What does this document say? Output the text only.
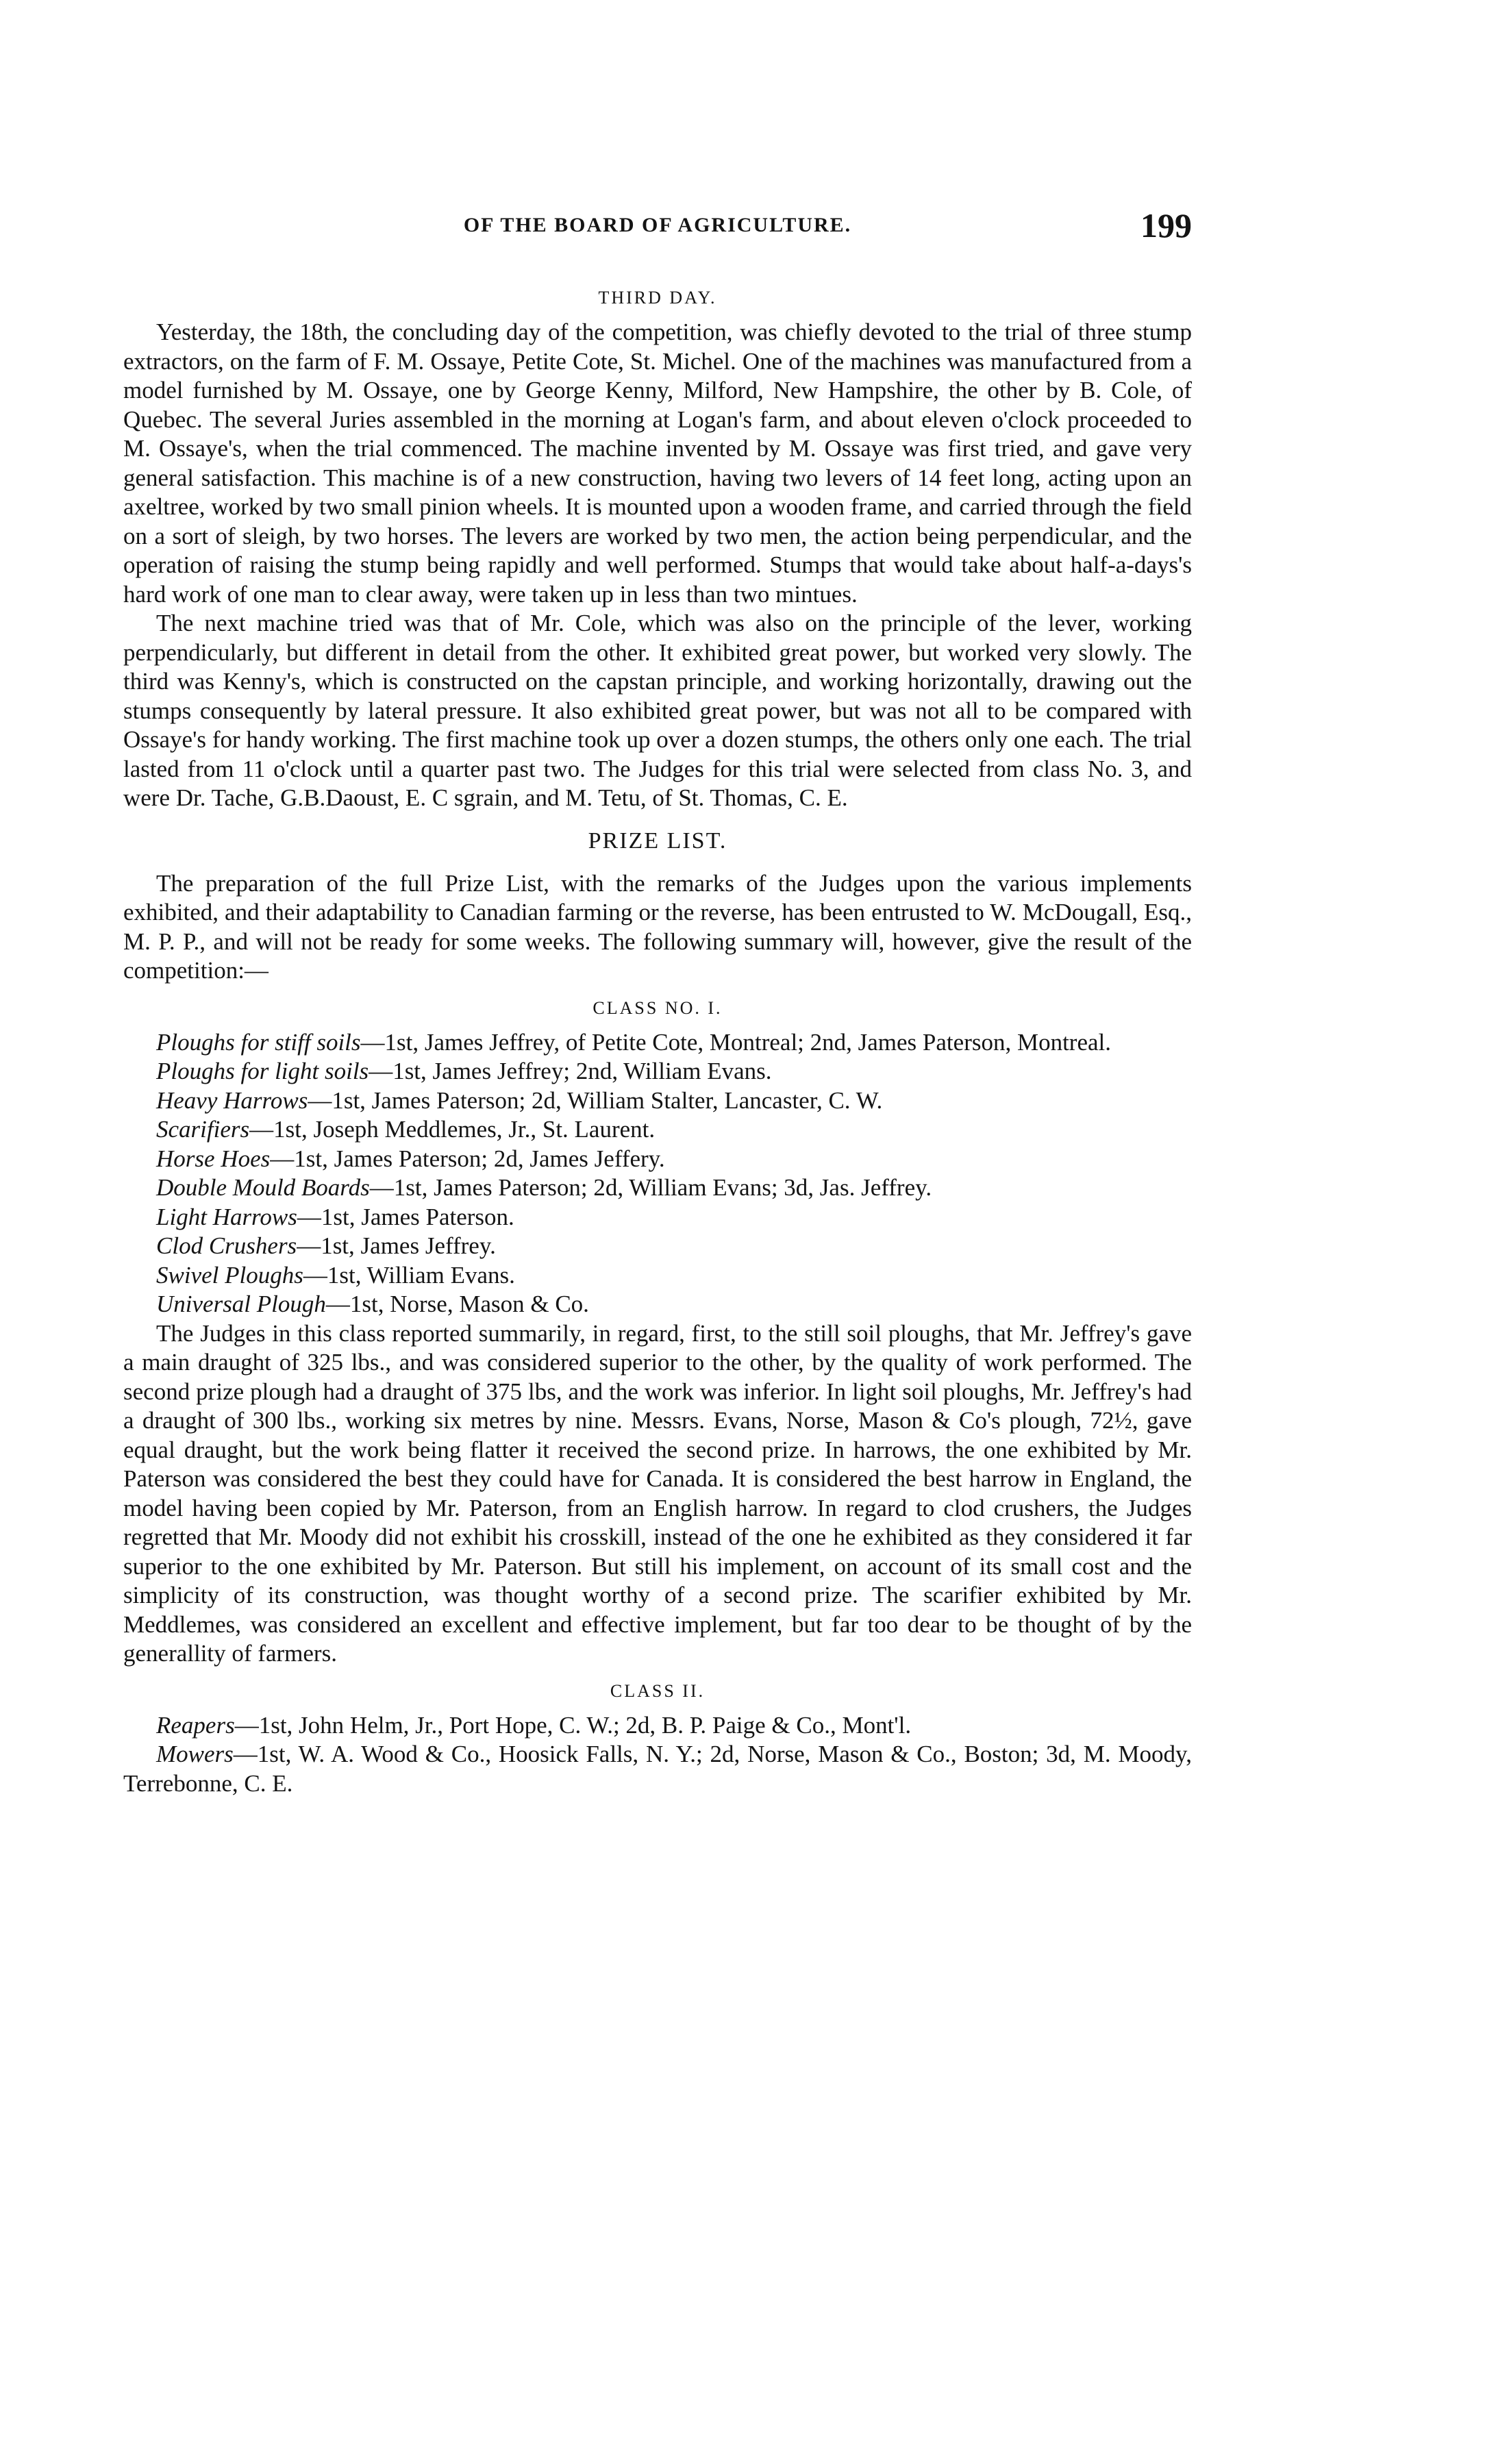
OF THE BOARD OF AGRICULTURE.	199
THIRD DAY.

Yesterday, the 18th, the concluding day of the competition, was chiefly devoted to the trial of three stump extractors, on the farm of F. M. Ossaye, Petite Cote, St. Michel. One of the machines was manufactured from a model furnished by M. Ossaye, one by George Kenny, Milford, New Hampshire, the other by B. Cole, of Quebec. The several Juries assembled in the morning at Logan's farm, and about eleven o'clock proceeded to M. Ossaye's, when the trial commenced. The machine invented by M. Ossaye was first tried, and gave very general satisfaction. This machine is of a new construction, having two levers of 14 feet long, acting upon an axeltree, worked by two small pinion wheels. It is mounted upon a wooden frame, and carried through the field on a sort of sleigh, by two horses. The levers are worked by two men, the action being perpendicular, and the operation of raising the stump being rapidly and well performed. Stumps that would take about half-a-days's hard work of one man to clear away, were taken up in less than two mintues.

The next machine tried was that of Mr. Cole, which was also on the principle of the lever, working perpendicularly, but different in detail from the other. It exhibited great power, but worked very slowly. The third was Kenny's, which is constructed on the capstan principle, and working horizontally, drawing out the stumps consequently by lateral pressure. It also exhibited great power, but was not all to be compared with Ossaye's for handy working. The first machine took up over a dozen stumps, the others only one each. The trial lasted from 11 o'clock until a quarter past two. The Judges for this trial were selected from class No. 3, and were Dr. Tache, G.B.Daoust, E. C sgrain, and M. Tetu, of St. Thomas, C. E.

PRIZE LIST.

The preparation of the full Prize List, with the remarks of the Judges upon the various implements exhibited, and their adaptability to Canadian farming or the reverse, has been entrusted to W. McDougall, Esq., M. P. P., and will not be ready for some weeks. The following summary will, however, give the result of the competition:—

CLASS NO. I.

Ploughs for stiff soils—1st, James Jeffrey, of Petite Cote, Montreal; 2nd, James Paterson, Montreal.

Ploughs for light soils—1st, James Jeffrey; 2nd, William Evans.

Heavy Harrows—1st, James Paterson; 2d, William Stalter, Lancaster, C. W.

Scarifiers—1st, Joseph Meddlemes, Jr., St. Laurent.

Horse Hoes—1st, James Paterson; 2d, James Jeffery.

Double Mould Boards—1st, James Paterson; 2d, William Evans; 3d, Jas. Jeffrey.

Light Harrows—1st, James Paterson.

Clod Crushers—1st, James Jeffrey.

Swivel Ploughs—1st, William Evans.

Universal Plough—1st, Norse, Mason & Co.

The Judges in this class reported summarily, in regard, first, to the still soil ploughs, that Mr. Jeffrey's gave a main draught of 325 lbs., and was considered superior to the other, by the quality of work performed. The second prize plough had a draught of 375 lbs, and the work was inferior. In light soil ploughs, Mr. Jeffrey's had a draught of 300 lbs., working six metres by nine. Messrs. Evans, Norse, Mason & Co's plough, 72½, gave equal draught, but the work being flatter it received the second prize. In harrows, the one exhibited by Mr. Paterson was considered the best they could have for Canada. It is considered the best harrow in England, the model having been copied by Mr. Paterson, from an English harrow. In regard to clod crushers, the Judges regretted that Mr. Moody did not exhibit his crosskill, instead of the one he exhibited as they considered it far superior to the one exhibited by Mr. Paterson. But still his implement, on account of its small cost and the simplicity of its construction, was thought worthy of a second prize. The scarifier exhibited by Mr. Meddlemes, was considered an excellent and effective implement, but far too dear to be thought of by the generallity of farmers.

CLASS II.

Reapers—1st, John Helm, Jr., Port Hope, C. W.; 2d, B. P. Paige & Co., Mont'l.

Mowers—1st, W. A. Wood & Co., Hoosick Falls, N. Y.; 2d, Norse, Mason & Co., Boston; 3d, M. Moody, Terrebonne, C. E.
